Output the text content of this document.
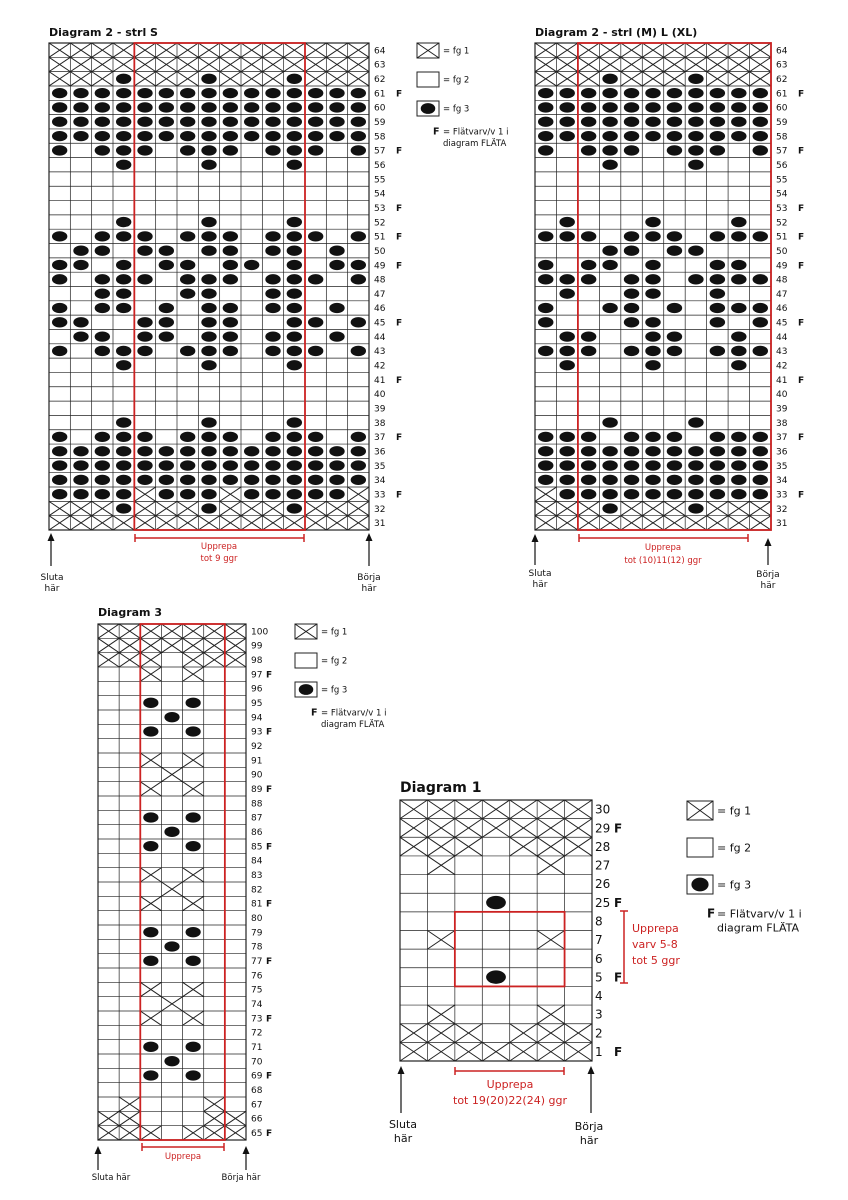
Diagram 2 - strl S
64
63
62
61 F
60
59
58
57 F
56
55
54
53 F
52
51 F
50
49 F
48
47
46
45 F
44
43
42
41 F
40
39
38
37 F
36
35
34
33 F
32
31
Upprepa
tot 9 ggr
Sluta
här
Börja
här
= fg 1
= fg 2
= fg 3
F = Flätvarv/v 1 i
diagram FLÄTA
Diagram 2 - strl (M) L (XL)
64
63
62
61 F
60
59
58
57 F
56
55
54
53 F
52
51 F
50
49 F
48
47
46
45 F
44
43
42
41 F
40
39
38
37 F
36
35
34
33 F
32
31
Upprepa
tot (10)11(12) ggr
Sluta
här
Börja
här
Diagram 3
100
99
98
97 F
96
95
94
93 F
92
91
90
89 F
88
87
86
85 F
84
83
82
81 F
80
79
78
77 F
76
75
74
73 F
72
71
70
69 F
68
67
66
65 F
Upprepa
Sluta här	Börja här
= fg 1
= fg 2
= fg 3
F = Flätvarv/v 1 i
diagram FLÄTA
Diagram 1
30
29 F
28
27
26
25 F
8
7
6
5 F
4
3
2
1 F
Upprepa
varv 5-8
tot 5 ggr
Upprepa
tot 19(20)22(24) ggr
Sluta
här
Börja
här
= fg 1
= fg 2
= fg 3
F = Flätvarv/v 1 i
diagram FLÄTA
